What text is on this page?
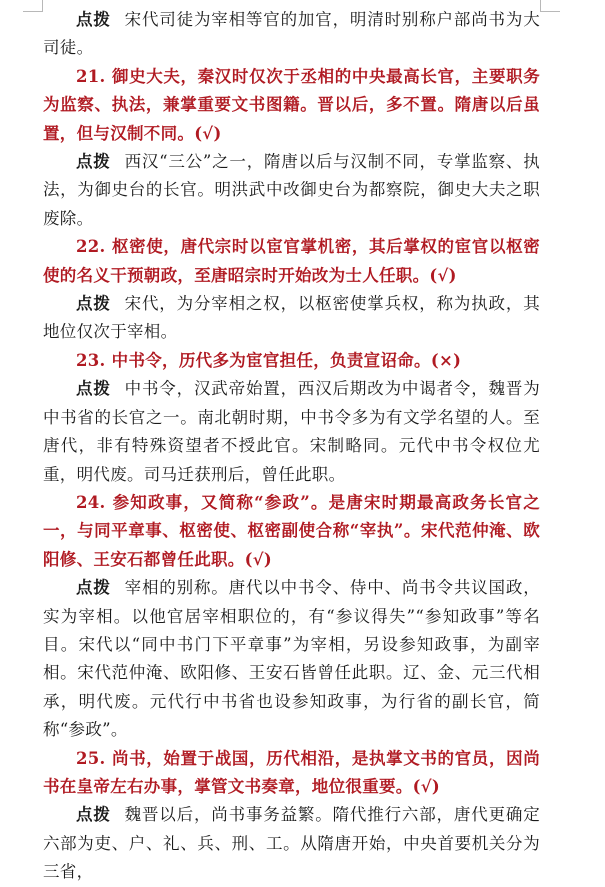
点拨 宋代司徒为宰相等官的加官，明清时别称户部尚书为大司徒。

21. 御史大夫，秦汉时仅次于丞相的中央最高长官，主要职务为监察、执法，兼掌重要文书图籍。晋以后，多不置。隋唐以后虽置，但与汉制不同。(√)

点拨 西汉“三公”之一，隋唐以后与汉制不同，专掌监察、执法，为御史台的长官。明洪武中改御史台为都察院，御史大夫之职废除。

22. 枢密使，唐代宗时以宦官掌机密，其后掌权的宦官以枢密使的名义干预朝政，至唐昭宗时开始改为士人任职。(√)

点拨 宋代，为分宰相之权，以枢密使掌兵权，称为执政，其地位仅次于宰相。

23. 中书令，历代多为宦官担任，负责宣诏命。(×)

点拨 中书令，汉武帝始置，西汉后期改为中谒者令，魏晋为中书省的长官之一。南北朝时期，中书令多为有文学名望的人。至唐代，非有特殊资望者不授此官。宋制略同。元代中书令权位尤重，明代废。司马迁获刑后，曾任此职。

24. 参知政事，又简称“参政”。是唐宋时期最高政务长官之一，与同平章事、枢密使、枢密副使合称“宰执”。宋代范仲淹、欧阳修、王安石都曾任此职。(√)

点拨 宰相的别称。唐代以中书令、侍中、尚书令共议国政，实为宰相。以他官居宰相职位的，有“参议得失”“参知政事”等名目。宋代以“同中书门下平章事”为宰相，另设参知政事，为副宰相。宋代范仲淹、欧阳修、王安石皆曾任此职。辽、金、元三代相承，明代废。元代行中书省也设参知政事，为行省的副长官，简称“参政”。

25. 尚书，始置于战国，历代相沿，是执掌文书的官员，因尚书在皇帝左右办事，掌管文书奏章，地位很重要。(√)

点拨 魏晋以后，尚书事务益繁。隋代推行六部，唐代更确定六部为吏、户、礼、兵、刑、工。从隋唐开始，中央首要机关分为三省，
